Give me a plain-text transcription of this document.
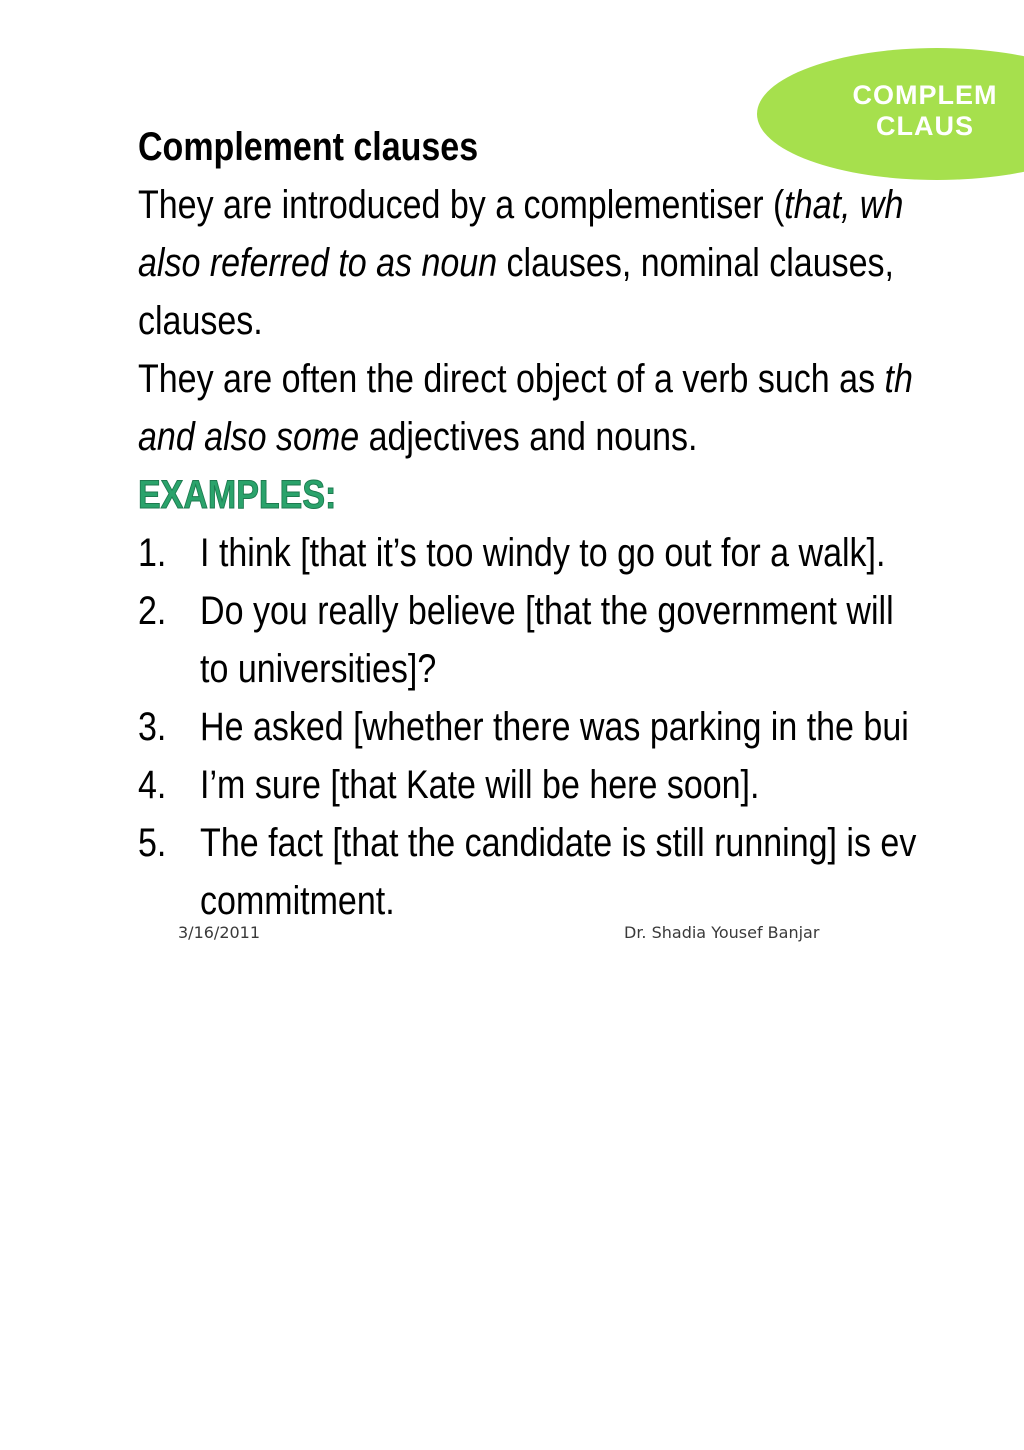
COMPLEM
CLAUS
Complement clauses
They are introduced by a complementiser (that, wh
also referred to as noun clauses, nominal clauses,
clauses.
They are often the direct object of a verb such as th
and also some adjectives and nouns.
EXAMPLES:
1. I think [that it’s too windy to go out for a walk].
2. Do you really believe [that the government will
to universities]?
3. He asked [whether there was parking in the bui
4. I’m sure [that Kate will be here soon].
5. The fact [that the candidate is still running] is ev
commitment.
3/16/2011	Dr. Shadia Yousef Banjar
